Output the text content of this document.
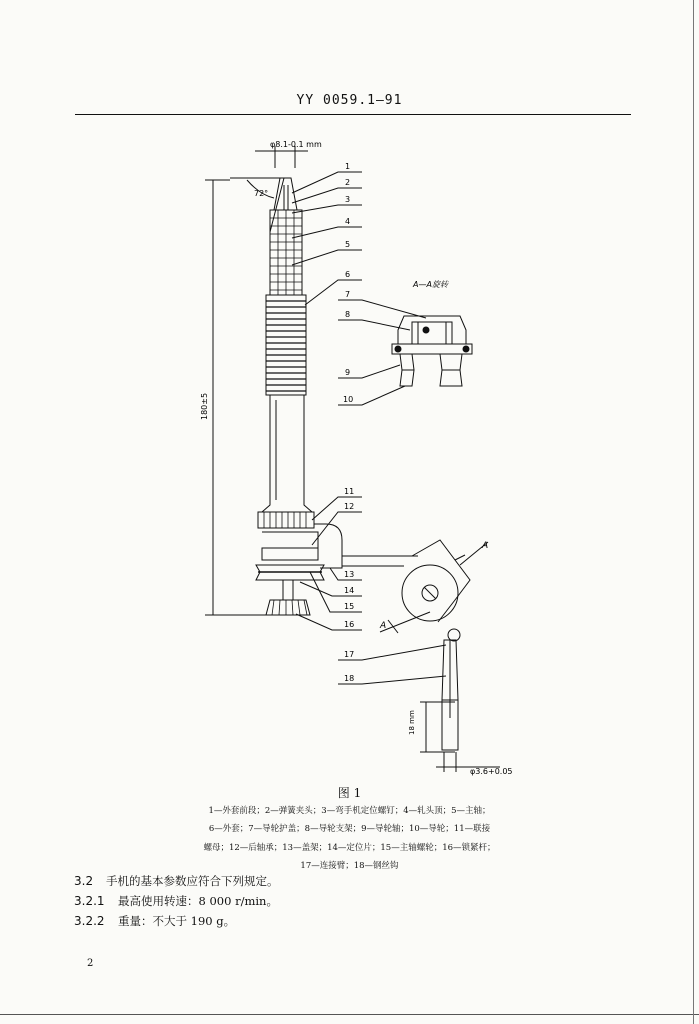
YY 0059.1—91
φ8.1-0.1 mm
72°
180±5
A—A旋转
φ3.6+0.05
18 mm
A
A
1
2
3
4
5
6
7
8
9
10
11
12
13
14
15
16
17
18
图 1
1—外套前段；2—弹簧夹头；3—弯手机定位螺钉；4—轧头顶；5—主轴；
6—外套；7—导轮护盖；8—导轮支架；9—导轮轴；10—导轮；11—联接
螺母；12—后轴承；13—盖架；14—定位片；15—主轴螺轮；16—锁紧杆；
17—连接臂；18—钢丝钩
3.2 手机的基本参数应符合下列规定。
3.2.1 最高使用转速：8 000 r/min。
3.2.2 重量：不大于 190 g。
2
